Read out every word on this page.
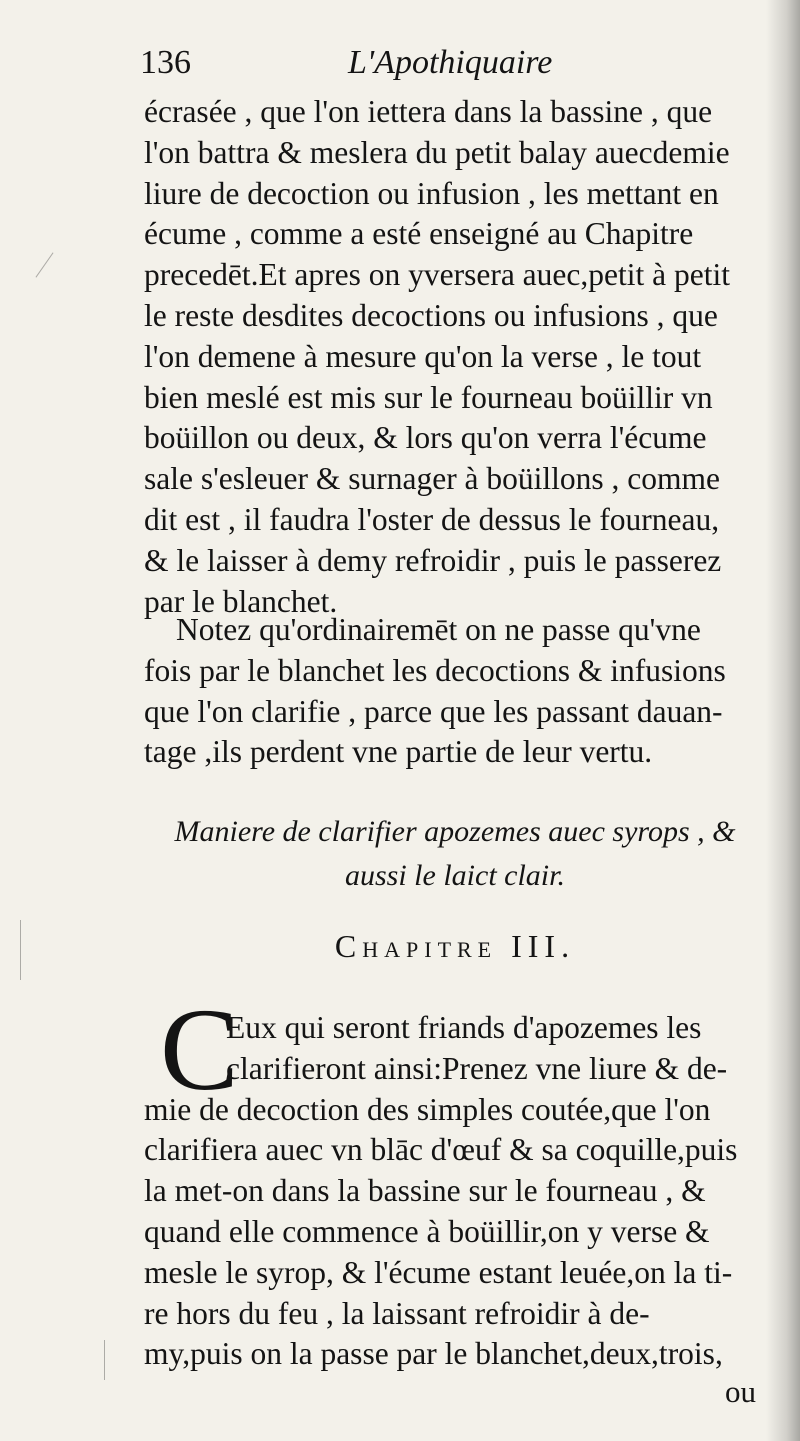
136	L'Apothiquaire
écrasée , que l'on iettera dans la bassine , que
l'on battra & meslera du petit balay auecdemie
liure de decoction ou infusion , les mettant en
écume , comme a esté enseigné au Chapitre
precedēt.Et apres on yversera auec,petit à petit
le reste desdites decoctions ou infusions , que
l'on demene à mesure qu'on la verse , le tout
bien meslé est mis sur le fourneau boüillir vn
boüillon ou deux, & lors qu'on verra l'écume
sale s'esleuer & surnager à boüillons , comme
dit est , il faudra l'oster de dessus le fourneau,
& le laisser à demy refroidir , puis le passerez
par le blanchet.
Notez qu'ordinairemēt on ne passe qu'vne
fois par le blanchet les decoctions & infusions
que l'on clarifie , parce que les passant dauan-
tage ,ils perdent vne partie de leur vertu.
Maniere de clarifier apozemes auec syrops , &
aussi le laict clair.
Chapitre III.
C
Eux qui seront friands d'apozemes les
clarifieront ainsi:Prenez vne liure & de-
mie de decoction des simples coutée,que l'on
clarifiera auec vn blāc d'œuf & sa coquille,puis
la met-on dans la bassine sur le fourneau , &
quand elle commence à boüillir,on y verse &
mesle le syrop, & l'écume estant leuée,on la ti-
re hors du feu , la laissant refroidir à de-
my,puis on la passe par le blanchet,deux,trois,
ou
